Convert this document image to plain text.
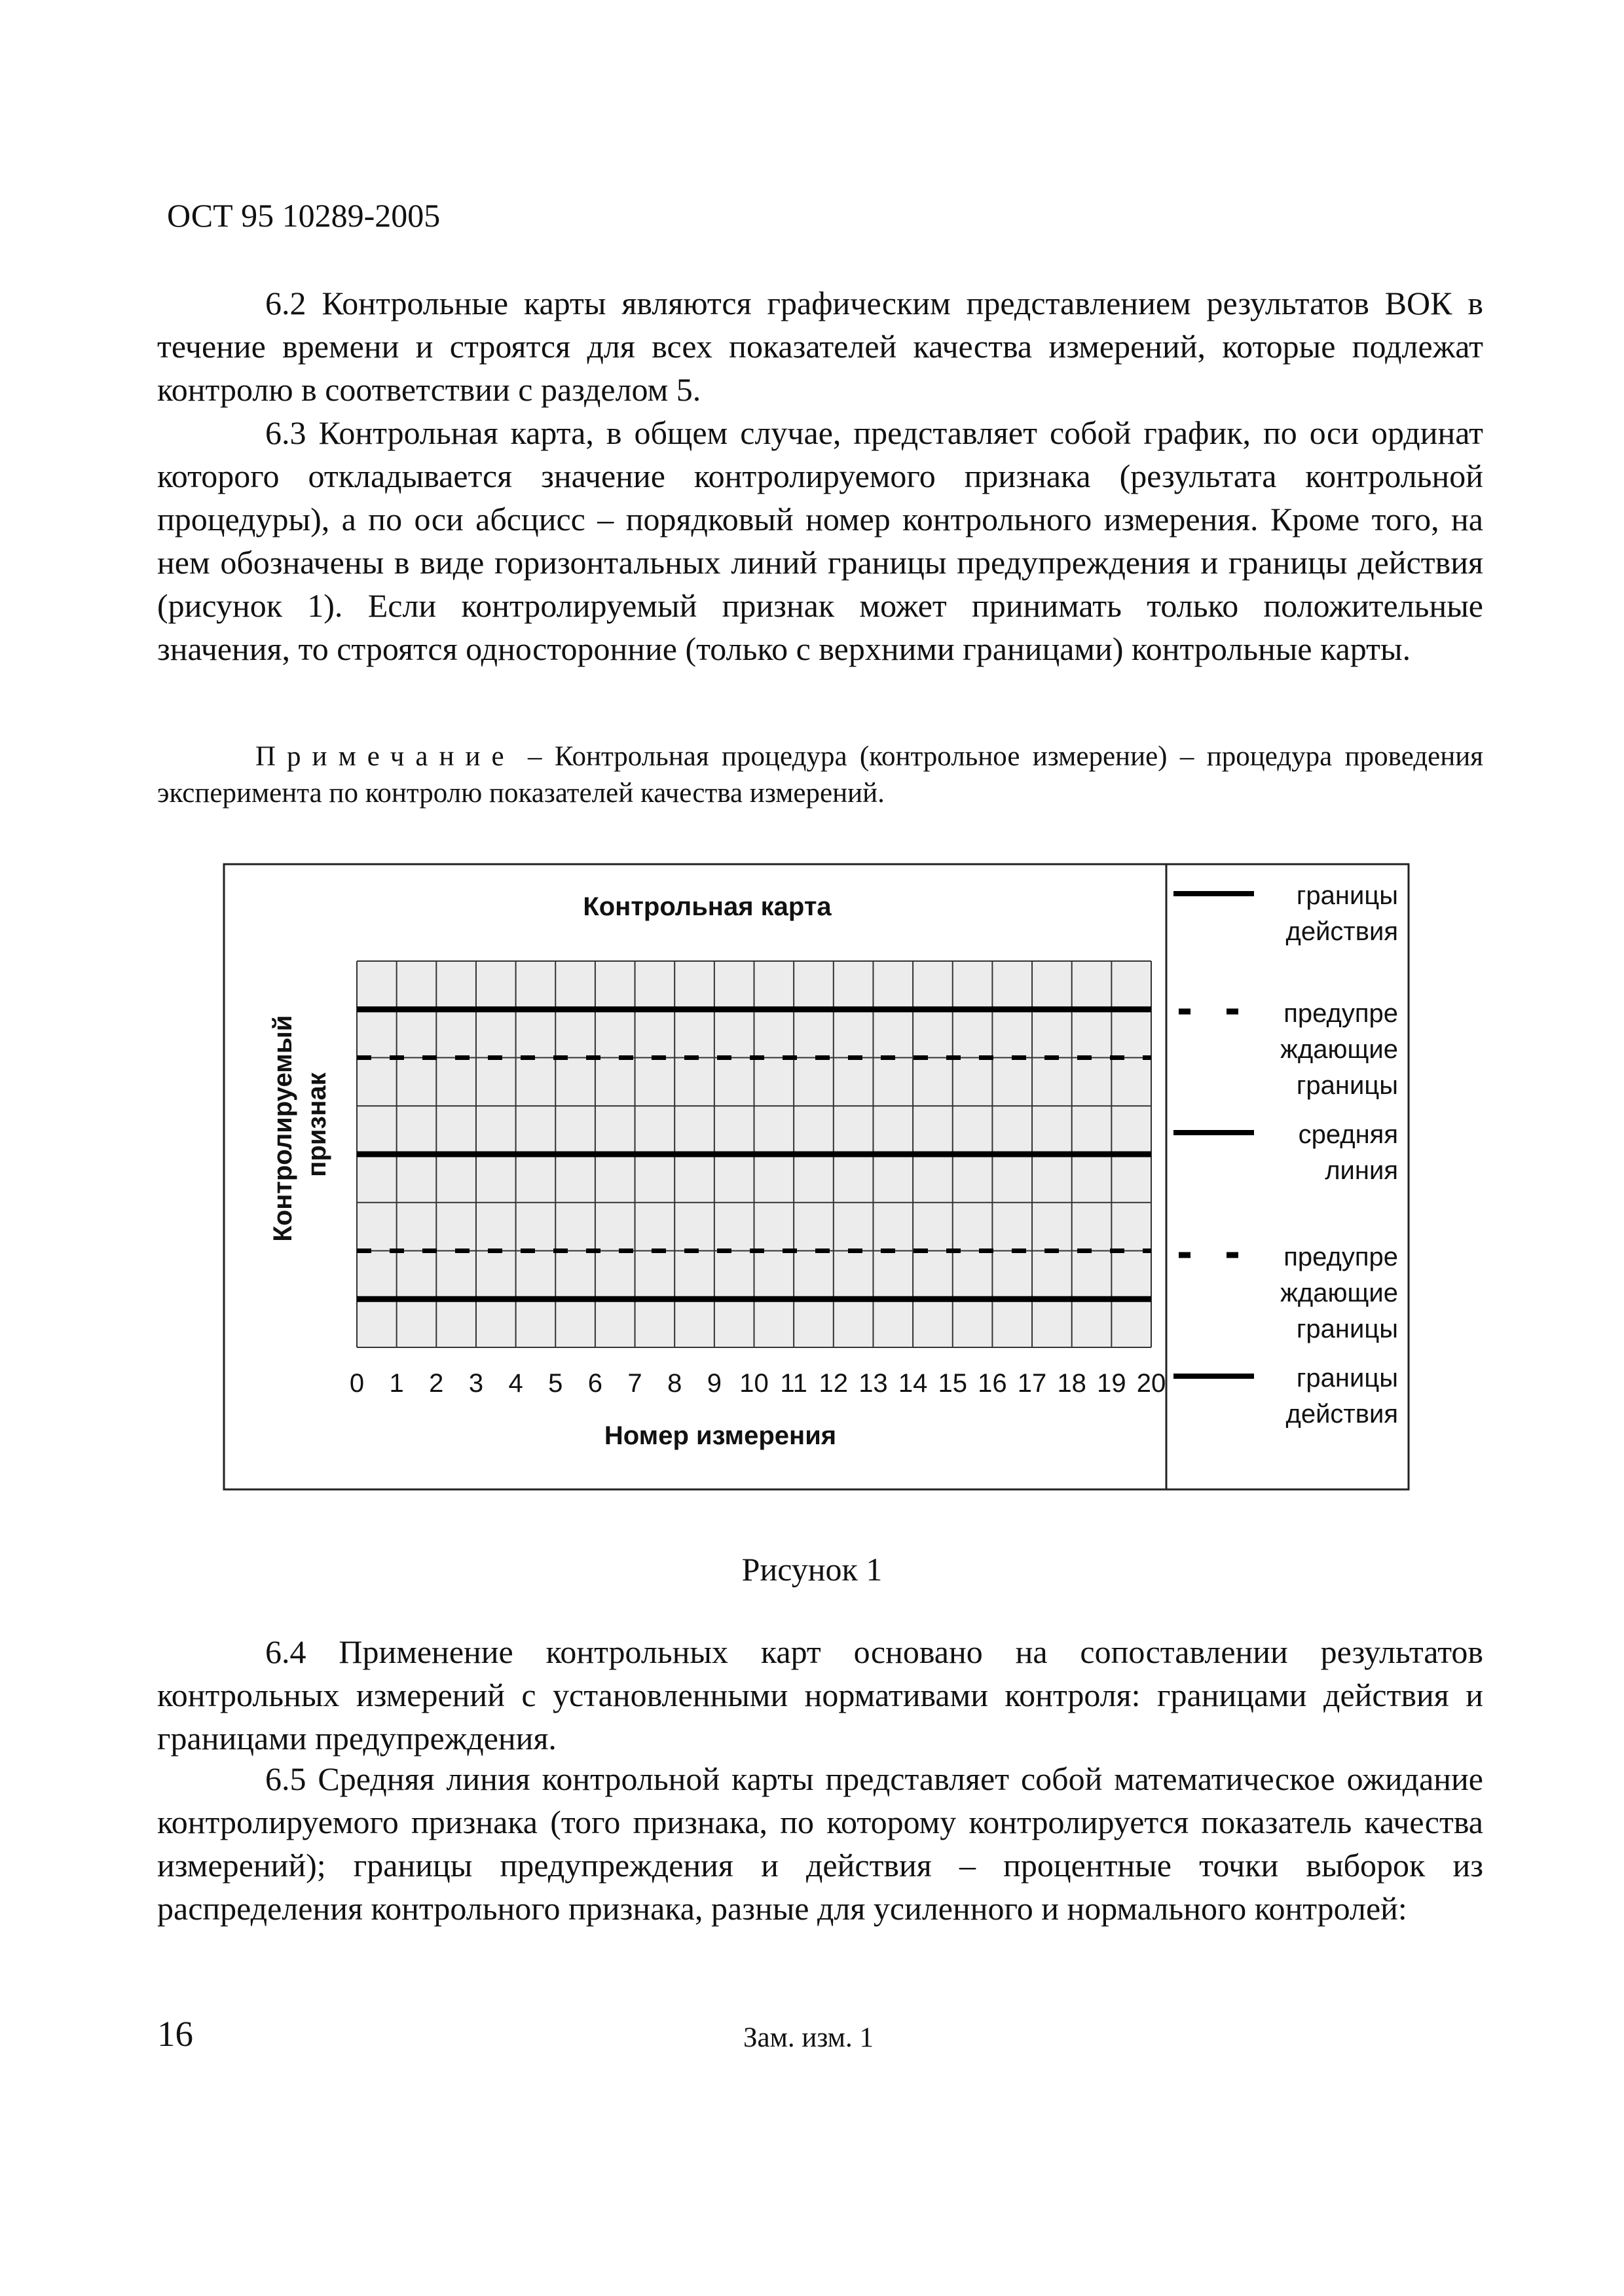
ОСТ 95 10289-2005

6.2 Контрольные карты являются графическим представлением результатов ВОК в течение времени и строятся для всех показателей качества измерений, которые подлежат контролю в соответствии с разделом 5.

6.3 Контрольная карта, в общем случае, представляет собой график, по оси ординат которого откладывается значение контролируемого признака (результата контрольной процедуры), а по оси абсцисс – порядковый номер контрольного измерения. Кроме того, на нем обозначены в виде горизонтальных линий границы предупреждения и границы действия (рисунок 1). Если контролируемый признак может принимать только положительные значения, то строятся односторонние (только с верхними границами) контрольные карты.

Примечание – Контрольная процедура (контрольное измерение) – процедура проведения эксперимента по контролю показателей качества измерений.

Контрольная карта
Контролируемый признак
0 1 2 3 4 5 6 7 8 9 10 11 12 13 14 15 16 17 18 19 20
Номер измерения
границы
действия
предупре
ждающие
границы
средняя
линия
предупре
ждающие
границы
границы
действия
Рисунок 1

6.4 Применение контрольных карт основано на сопоставлении результатов контрольных измерений с установленными нормативами контроля: границами действия и границами предупреждения.

6.5 Средняя линия контрольной карты представляет собой математическое ожидание контролируемого признака (того признака, по которому контролируется показатель качества измерений); границы предупреждения и действия – процентные точки выборок из распределения контрольного признака, разные для усиленного и нормального контролей:

16	Зам. изм. 1
